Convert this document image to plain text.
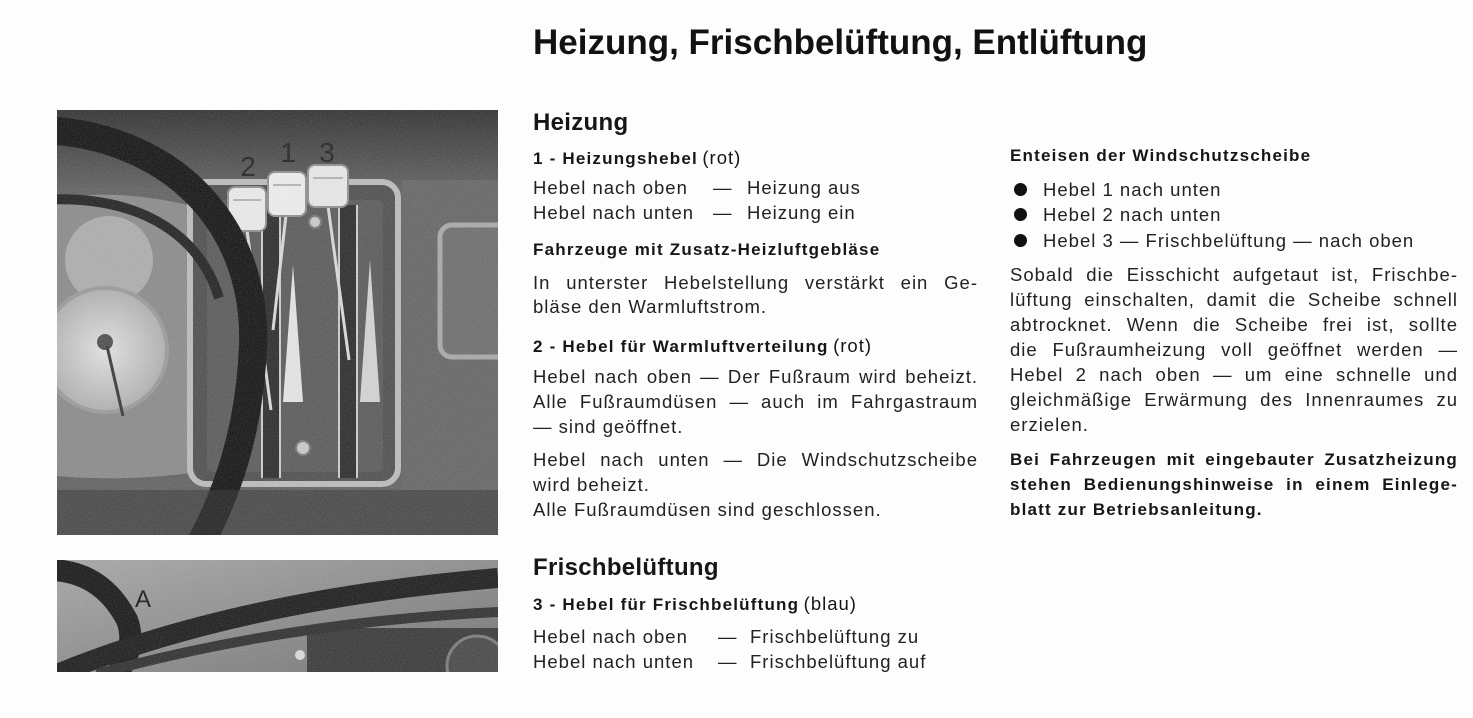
Heizung, Frischbelüftung, Entlüftung
Heizung
1 - Heizungshebel (rot)
Hebel nach oben — Heizung aus
Hebel nach unten — Heizung ein
Fahrzeuge mit Zusatz-Heizluftgebläse
In unterster Hebelstellung verstärkt ein Ge-
bläse den Warmluftstrom.
2 - Hebel für Warmluftverteilung (rot)
Hebel nach oben — Der Fußraum wird beheizt.
Alle Fußraumdüsen — auch im Fahrgastraum
— sind geöffnet.
Hebel nach unten — Die Windschutzscheibe
wird beheizt.
Alle Fußraumdüsen sind geschlossen.
Frischbelüftung
3 - Hebel für Frischbelüftung (blau)
Hebel nach oben — Frischbelüftung zu
Hebel nach unten — Frischbelüftung auf
Enteisen der Windschutzscheibe
Hebel 1 nach unten
Hebel 2 nach unten
Hebel 3 — Frischbelüftung — nach oben
Sobald die Eisschicht aufgetaut ist, Frischbe-
lüftung einschalten, damit die Scheibe schnell
abtrocknet. Wenn die Scheibe frei ist, sollte
die Fußraumheizung voll geöffnet werden —
Hebel 2 nach oben — um eine schnelle und
gleichmäßige Erwärmung des Innenraumes zu
erzielen.
Bei Fahrzeugen mit eingebauter Zusatzheizung
stehen Bedienungshinweise in einem Einlege-
blatt zur Betriebsanleitung.
